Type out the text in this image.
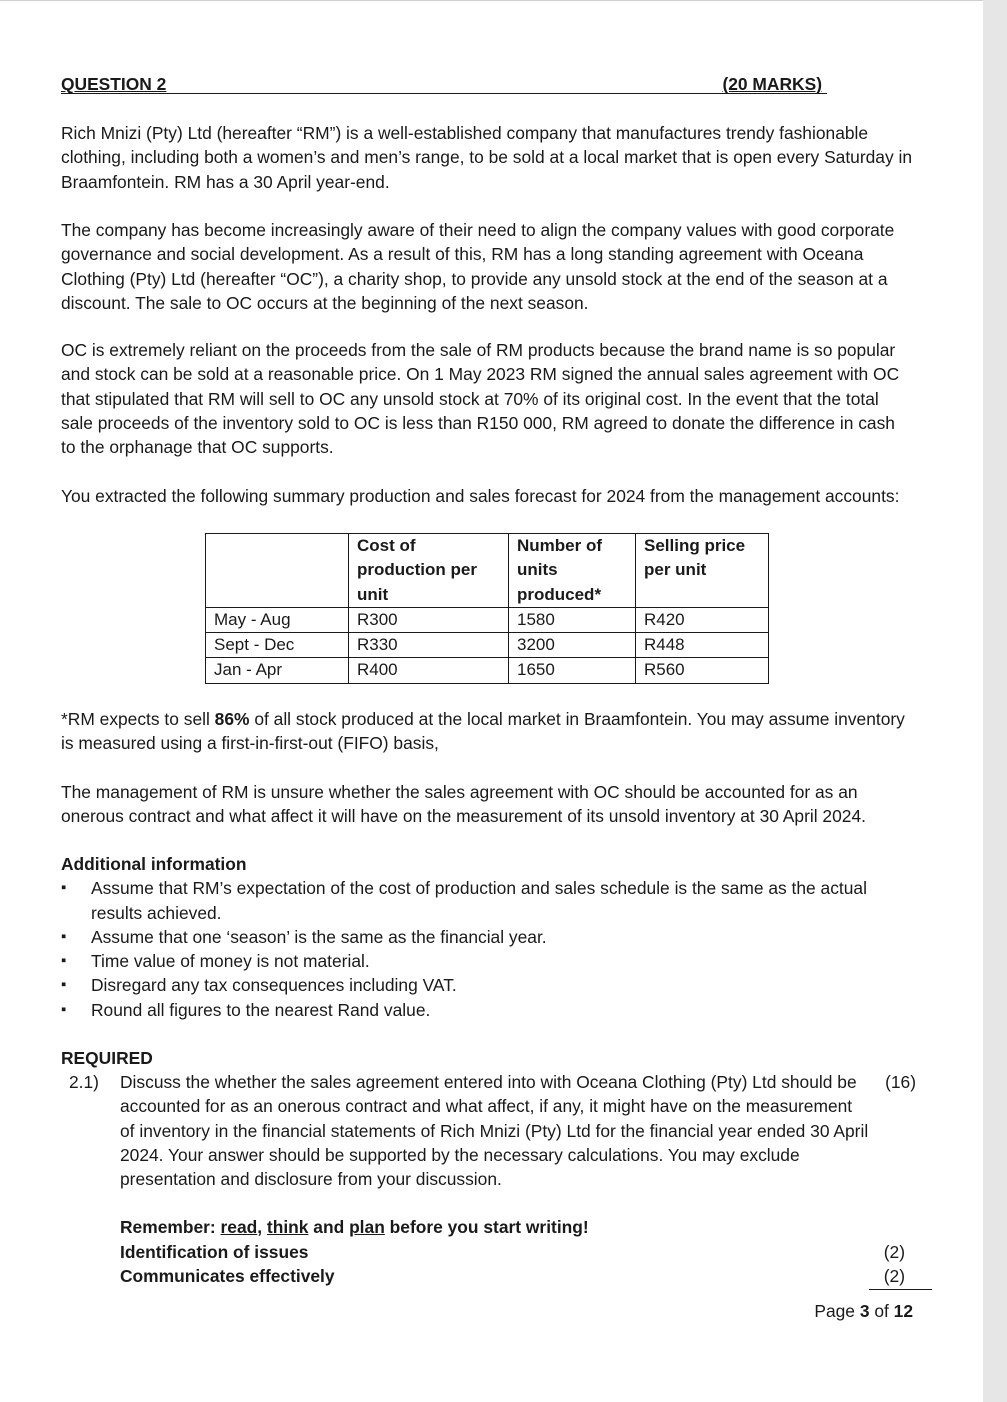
QUESTION 2	(20 MARKS)

Rich Mnizi (Pty) Ltd (hereafter “RM”) is a well-established company that manufactures trendy fashionable clothing, including both a women’s and men’s range, to be sold at a local market that is open every Saturday in Braamfontein. RM has a 30 April year-end.

The company has become increasingly aware of their need to align the company values with good corporate governance and social development. As a result of this, RM has a long standing agreement with Oceana Clothing (Pty) Ltd (hereafter “OC”), a charity shop, to provide any unsold stock at the end of the season at a discount. The sale to OC occurs at the beginning of the next season.

OC is extremely reliant on the proceeds from the sale of RM products because the brand name is so popular and stock can be sold at a reasonable price. On 1 May 2023 RM signed the annual sales agreement with OC that stipulated that RM will sell to OC any unsold stock at 70% of its original cost. In the event that the total sale proceeds of the inventory sold to OC is less than R150 000, RM agreed to donate the difference in cash to the orphanage that OC supports.

You extracted the following summary production and sales forecast for 2024 from the management accounts:

	Cost of production per unit	Number of units produced*	Selling price per unit
May - Aug	R300	1580	R420
Sept - Dec	R330	3200	R448
Jan - Apr	R400	1650	R560

*RM expects to sell 86% of all stock produced at the local market in Braamfontein. You may assume inventory is measured using a first-in-first-out (FIFO) basis,

The management of RM is unsure whether the sales agreement with OC should be accounted for as an onerous contract and what affect it will have on the measurement of its unsold inventory at 30 April 2024.

Additional information

▪ Assume that RM’s expectation of the cost of production and sales schedule is the same as the actual results achieved.
▪ Assume that one ‘season’ is the same as the financial year.
▪ Time value of money is not material.
▪ Disregard any tax consequences including VAT.
▪ Round all figures to the nearest Rand value.

REQUIRED

2.1) Discuss the whether the sales agreement entered into with Oceana Clothing (Pty) Ltd should be accounted for as an onerous contract and what affect, if any, it might have on the measurement of inventory in the financial statements of Rich Mnizi (Pty) Ltd for the financial year ended 30 April 2024. Your answer should be supported by the necessary calculations. You may exclude presentation and disclosure from your discussion.

(16)

Remember: read, think and plan before you start writing!

Identification of issues	(2)
Communicates effectively	(2)

Page 3 of 12
